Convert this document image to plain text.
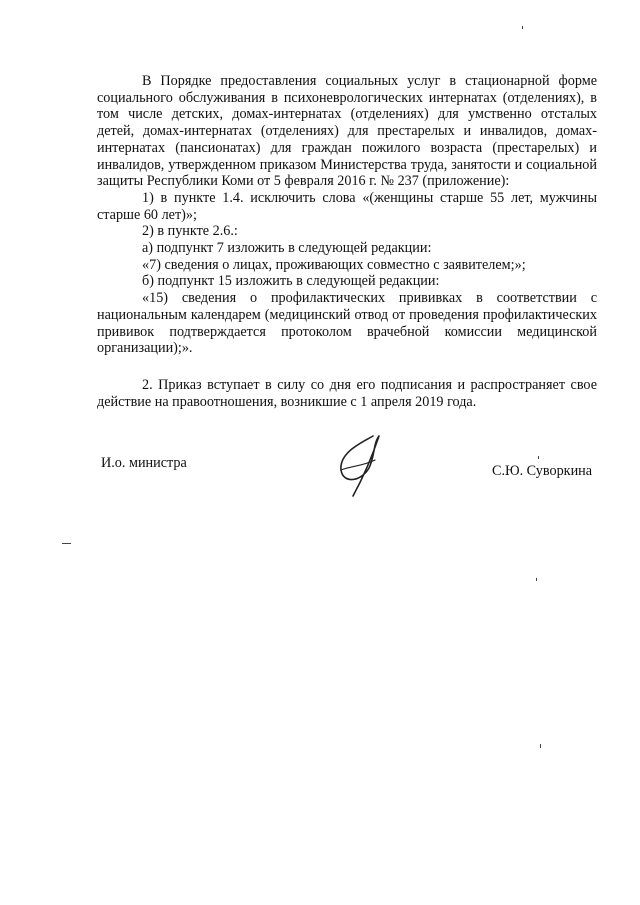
В Порядке предоставления социальных услуг в стационарной форме социального обслуживания в психоневрологических интернатах (отделениях), в том числе детских, домах-интернатах (отделениях) для умственно отсталых детей, домах-интернатах (отделениях) для престарелых и инвалидов, домах-интернатах (пансионатах) для граждан пожилого возраста (престарелых) и инвалидов, утвержденном приказом Министерства труда, занятости и социальной защиты Республики Коми от 5 февраля 2016 г. № 237 (приложение):

1) в пункте 1.4. исключить слова «(женщины старше 55 лет, мужчины старше 60 лет)»;

2) в пункте 2.6.:

а) подпункт 7 изложить в следующей редакции:

«7) сведения о лицах, проживающих совместно с заявителем;»;

б) подпункт 15 изложить в следующей редакции:

«15) сведения о профилактических прививках в соответствии с национальным календарем (медицинский отвод от проведения профилактических прививок подтверждается протоколом врачебной комиссии медицинской организации);».

2. Приказ вступает в силу со дня его подписания и распространяет свое действие на правоотношения, возникшие с 1 апреля 2019 года.

И.о. министра	С.Ю. Суворкина
